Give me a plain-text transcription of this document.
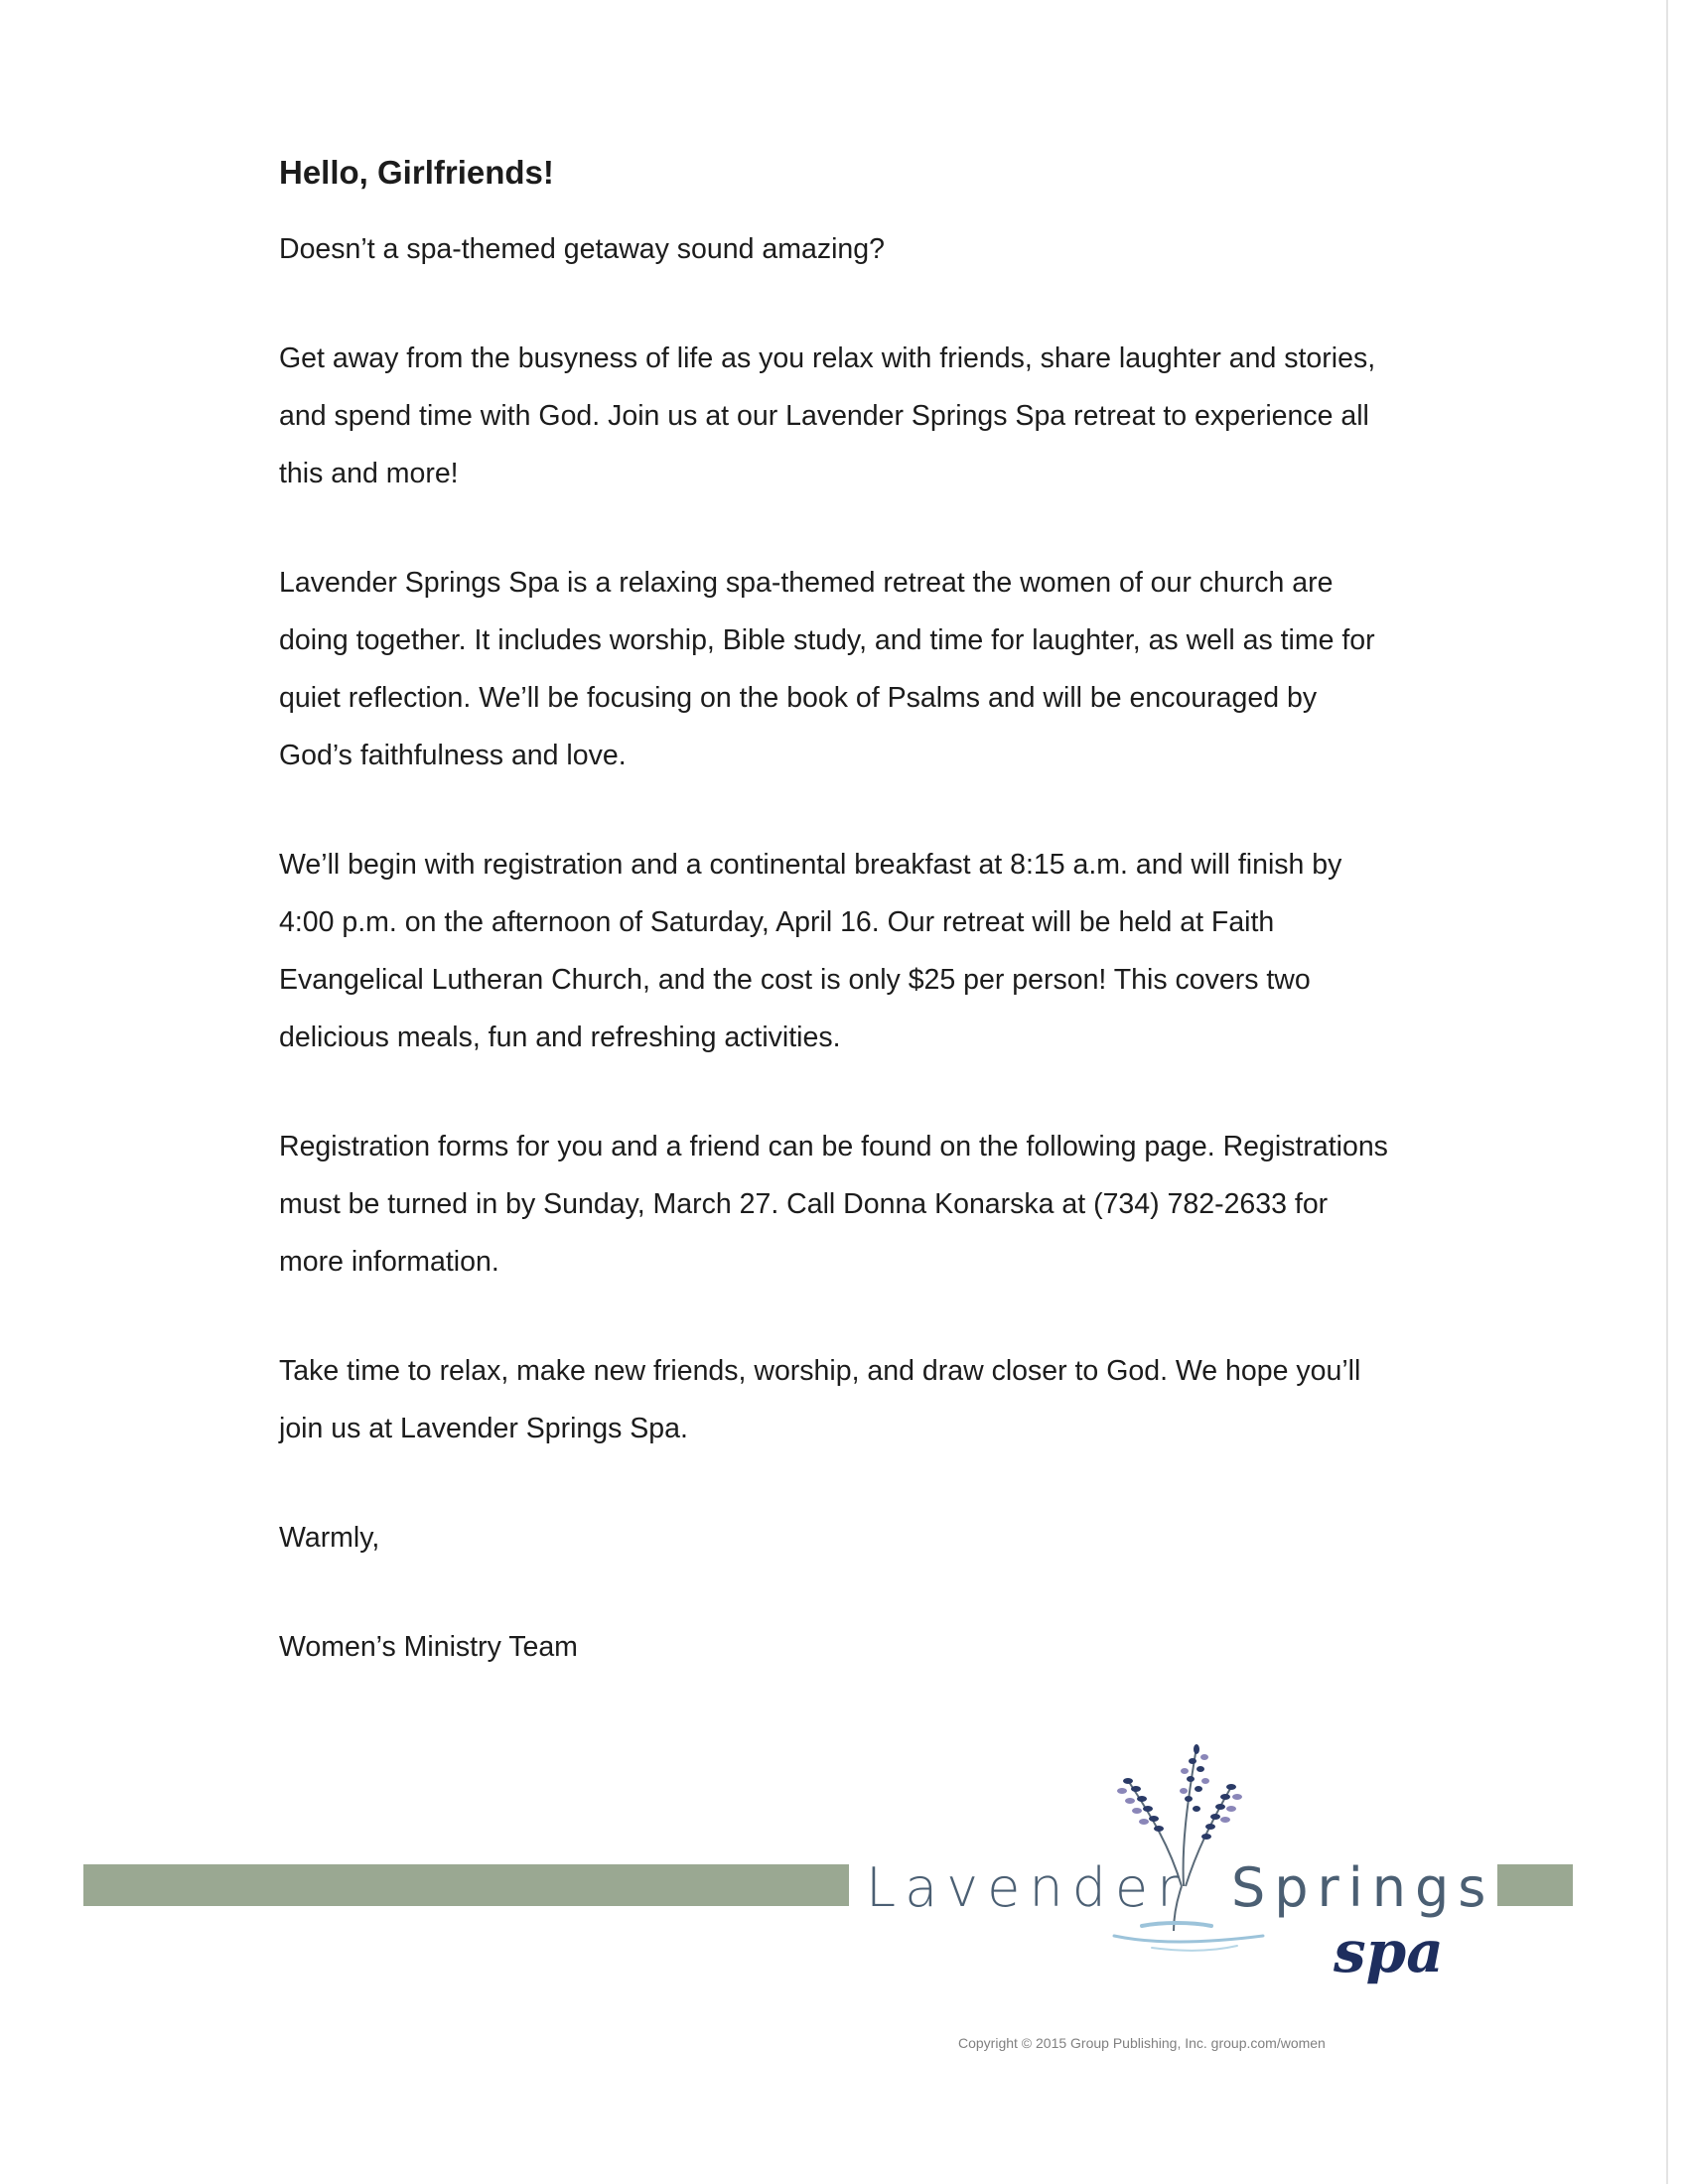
Hello, Girlfriends!

Doesn’t a spa-themed getaway sound amazing?

Get away from the busyness of life as you relax with friends, share laughter and stories, and spend time with God. Join us at our Lavender Springs Spa retreat to experience all this and more!

Lavender Springs Spa is a relaxing spa-themed retreat the women of our church are doing together. It includes worship, Bible study, and time for laughter, as well as time for quiet reflection. We’ll be focusing on the book of Psalms and will be encouraged by God’s faithfulness and love.

We’ll begin with registration and a continental breakfast at 8:15 a.m. and will finish by 4:00 p.m. on the afternoon of Saturday, April 16. Our retreat will be held at Faith Evangelical Lutheran Church, and the cost is only $25 per person! This covers two delicious meals, fun and refreshing activities.

Registration forms for you and a friend can be found on the following page. Registrations must be turned in by Sunday, March 27. Call Donna Konarska at (734) 782-2633 for more information.

Take time to relax, make new friends, worship, and draw closer to God. We hope you’ll join us at Lavender Springs Spa.

Warmly,

Women’s Ministry Team

Lavender Springs

spa

Copyright © 2015 Group Publishing, Inc. group.com/women
